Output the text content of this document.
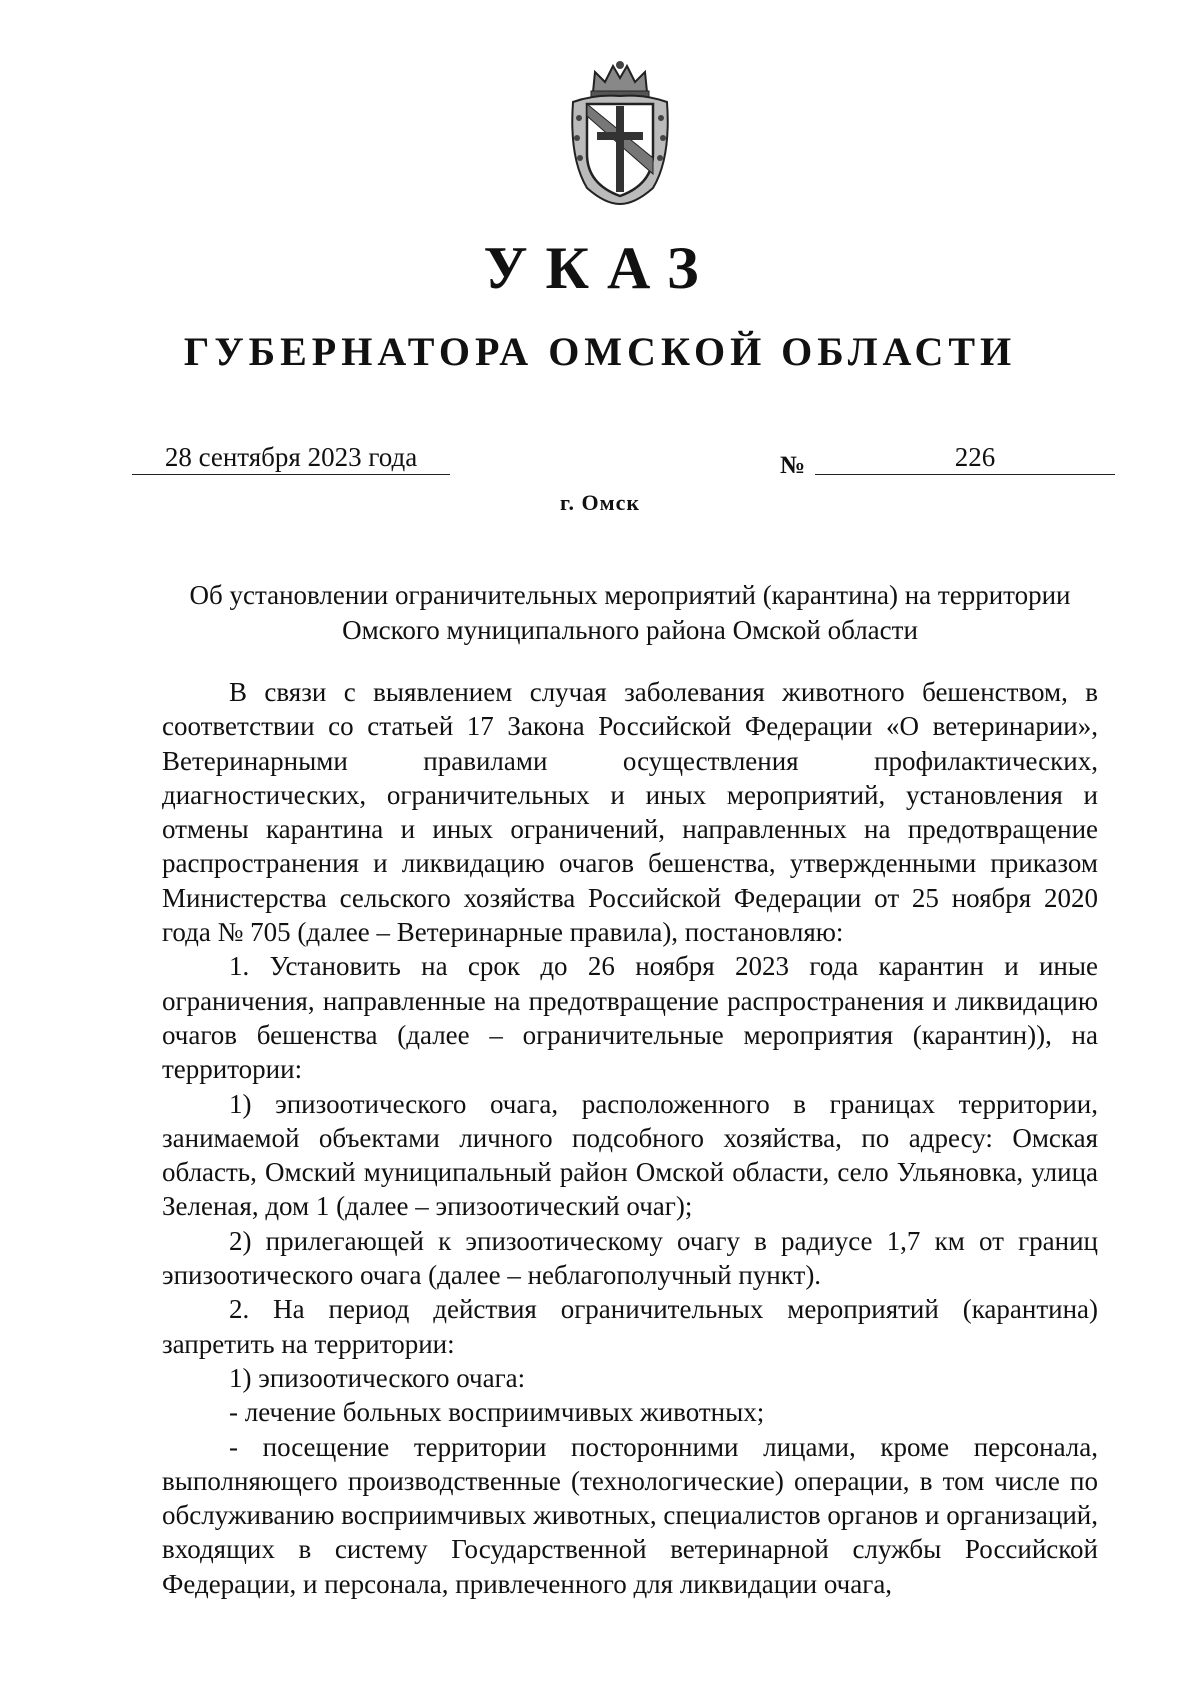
УКАЗ
ГУБЕРНАТОРА ОМСКОЙ ОБЛАСТИ
28 сентября 2023 года	№	226
г. Омск
Об установлении ограничительных мероприятий (карантина) на территории
Омского муниципального района Омской области

В связи с выявлением случая заболевания животного бешенством, в соответствии со статьей 17 Закона Российской Федерации «О ветеринарии», Ветеринарными правилами осуществления профилактических, диагностических, ограничительных и иных мероприятий, установления и отмены карантина и иных ограничений, направленных на предотвращение распространения и ликвидацию очагов бешенства, утвержденными приказом Министерства сельского хозяйства Российской Федерации от 25 ноября 2020 года № 705 (далее – Ветеринарные правила), постановляю:

1. Установить на срок до 26 ноября 2023 года карантин и иные ограничения, направленные на предотвращение распространения и ликвидацию очагов бешенства (далее – ограничительные мероприятия (карантин)), на территории:

1) эпизоотического очага, расположенного в границах территории, занимаемой объектами личного подсобного хозяйства, по адресу: Омская область, Омский муниципальный район Омской области, село Ульяновка, улица Зеленая, дом 1 (далее – эпизоотический очаг);

2) прилегающей к эпизоотическому очагу в радиусе 1,7 км от границ эпизоотического очага (далее – неблагополучный пункт).

2. На период действия ограничительных мероприятий (карантина) запретить на территории:

1) эпизоотического очага:

- лечение больных восприимчивых животных;

- посещение территории посторонними лицами, кроме персонала, выполняющего производственные (технологические) операции, в том числе по обслуживанию восприимчивых животных, специалистов органов и организаций, входящих в систему Государственной ветеринарной службы Российской Федерации, и персонала, привлеченного для ликвидации очага,
